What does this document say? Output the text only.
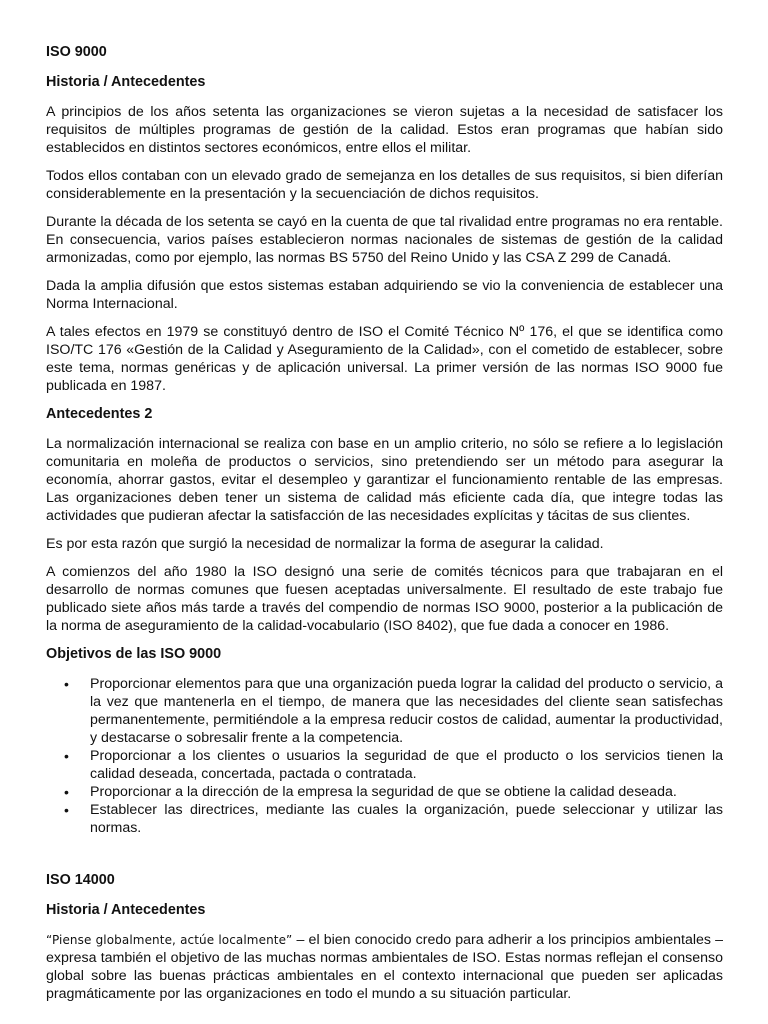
ISO 9000
Historia / Antecedentes

A principios de los años setenta las organizaciones se vieron sujetas a la necesidad de satisfacer los requisitos de múltiples programas de gestión de la calidad. Estos eran programas que habían sido establecidos en distintos sectores económicos, entre ellos el militar.

Todos ellos contaban con un elevado grado de semejanza en los detalles de sus requisitos, si bien diferían considerablemente en la presentación y la secuenciación de dichos requisitos.

Durante la década de los setenta se cayó en la cuenta de que tal rivalidad entre programas no era rentable. En consecuencia, varios países establecieron normas nacionales de sistemas de gestión de la calidad armonizadas, como por ejemplo, las normas BS 5750 del Reino Unido y las CSA Z 299 de Canadá.

Dada la amplia difusión que estos sistemas estaban adquiriendo se vio la conveniencia de establecer una Norma Internacional.

A tales efectos en 1979 se constituyó dentro de ISO el Comité Técnico Nº 176, el que se identifica como ISO/TC 176 «Gestión de la Calidad y Aseguramiento de la Calidad», con el cometido de establecer, sobre este tema, normas genéricas y de aplicación universal. La primer versión de las normas ISO 9000 fue publicada en 1987.

Antecedentes 2

La normalización internacional se realiza con base en un amplio criterio, no sólo se refiere a lo legislación comunitaria en moleña de productos o servicios, sino pretendiendo ser un método para asegurar la economía, ahorrar gastos, evitar el desempleo y garantizar el funcionamiento rentable de las empresas. Las organizaciones deben tener un sistema de calidad más eficiente cada día, que integre todas las actividades que pudieran afectar la satisfacción de las necesidades explícitas y tácitas de sus clientes.

Es por esta razón que surgió la necesidad de normalizar la forma de asegurar la calidad.

A comienzos del año 1980 la ISO designó una serie de comités técnicos para que trabajaran en el desarrollo de normas comunes que fuesen aceptadas universalmente. El resultado de este trabajo fue publicado siete años más tarde a través del compendio de normas ISO 9000, posterior a la publicación de la norma de aseguramiento de la calidad-vocabulario (ISO 8402), que fue dada a conocer en 1986.

Objetivos de las ISO 9000
• Proporcionar elementos para que una organización pueda lograr la calidad del producto o servicio, a la vez que mantenerla en el tiempo, de manera que las necesidades del cliente sean satisfechas permanentemente, permitiéndole a la empresa reducir costos de calidad, aumentar la productividad, y destacarse o sobresalir frente a la competencia.
• Proporcionar a los clientes o usuarios la seguridad de que el producto o los servicios tienen la calidad deseada, concertada, pactada o contratada.
• Proporcionar a la dirección de la empresa la seguridad de que se obtiene la calidad deseada.
• Establecer las directrices, mediante las cuales la organización, puede seleccionar y utilizar las normas.
ISO 14000
Historia / Antecedentes

“Piense globalmente, actúe localmente” – el bien conocido credo para adherir a los principios ambientales – expresa también el objetivo de las muchas normas ambientales de ISO. Estas normas reflejan el consenso global sobre las buenas prácticas ambientales en el contexto internacional que pueden ser aplicadas pragmáticamente por las organizaciones en todo el mundo a su situación particular.
